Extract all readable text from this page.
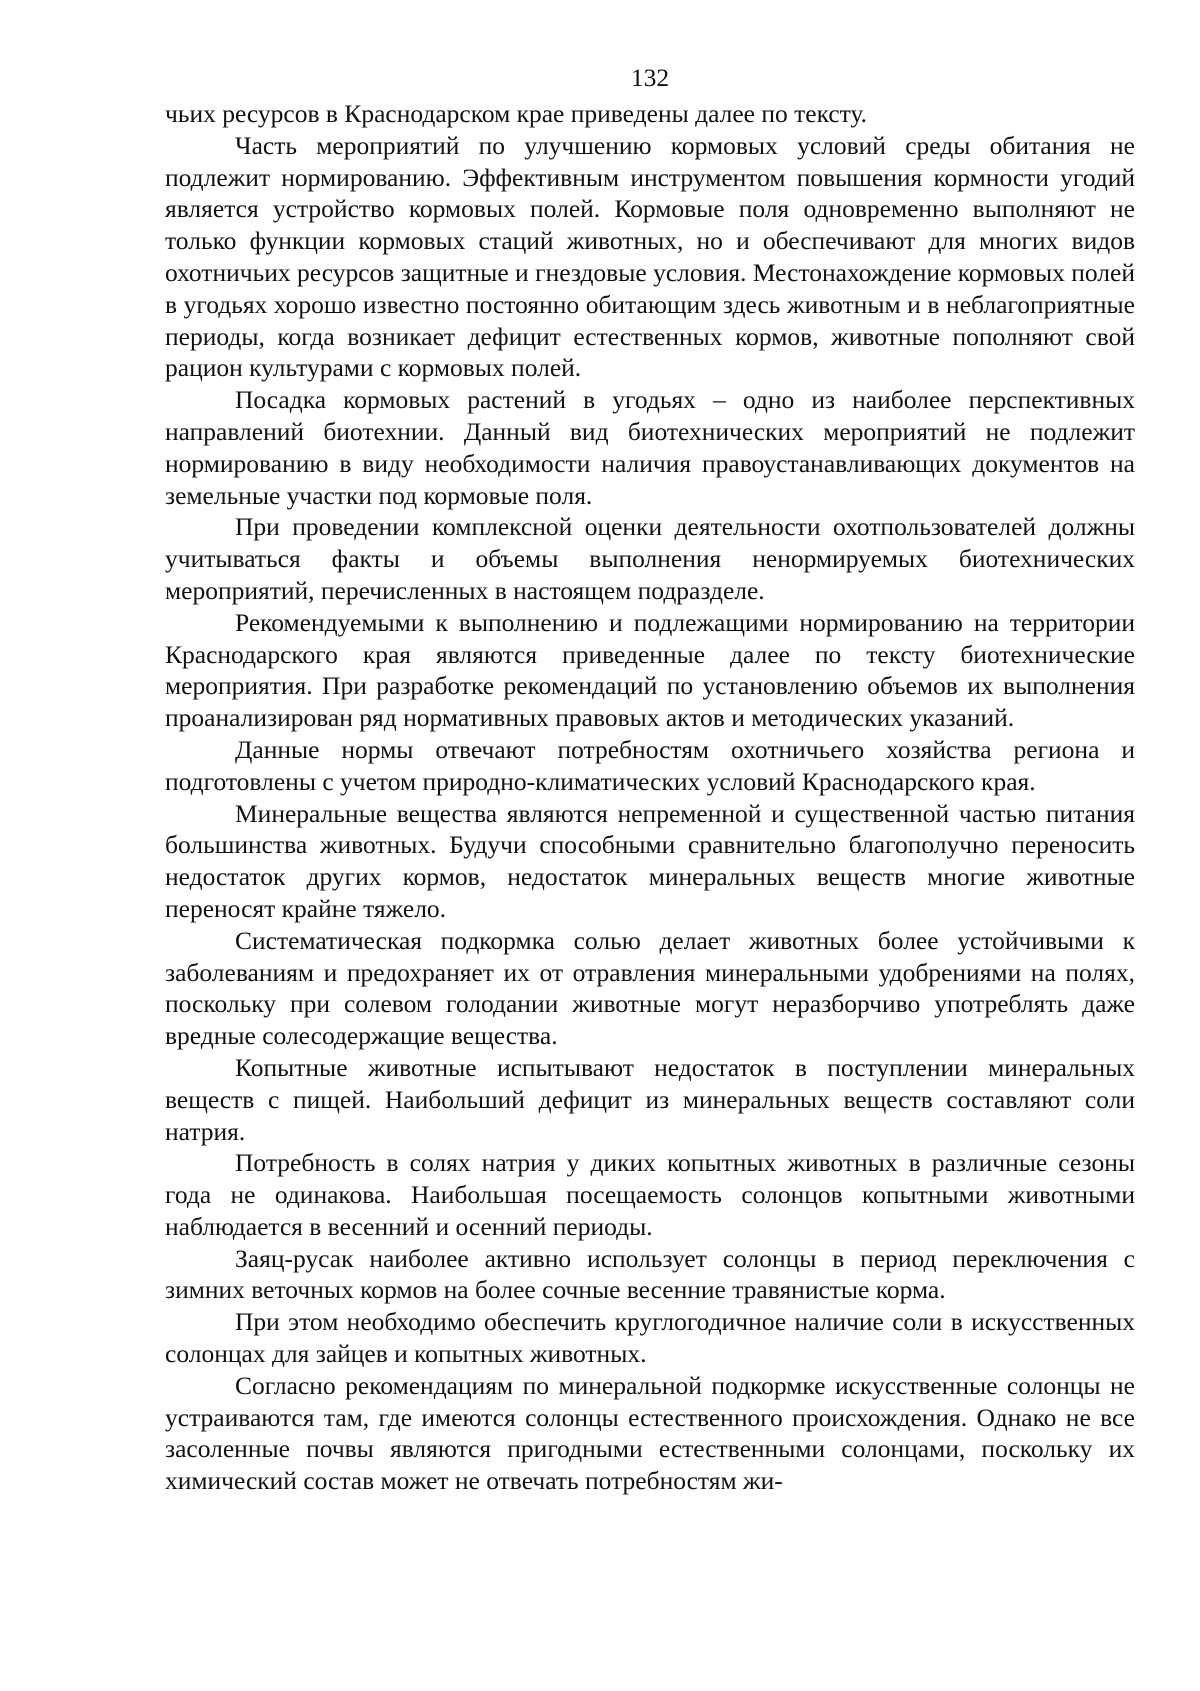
132

чьих ресурсов в Краснодарском крае приведены далее по тексту.

Часть мероприятий по улучшению кормовых условий среды обитания не подлежит нормированию. Эффективным инструментом повышения кормности угодий является устройство кормовых полей. Кормовые поля одновременно выполняют не только функции кормовых стаций животных, но и обеспечивают для многих видов охотничьих ресурсов защитные и гнездовые условия. Местонахождение кормовых полей в угодьях хорошо известно постоянно обитающим здесь животным и в неблагоприятные периоды, когда возникает дефицит естественных кормов, животные пополняют свой рацион культурами с кормовых полей.

Посадка кормовых растений в угодьях – одно из наиболее перспективных направлений биотехнии. Данный вид биотехнических мероприятий не подлежит нормированию в виду необходимости наличия правоустанавливающих документов на земельные участки под кормовые поля.

При проведении комплексной оценки деятельности охотпользователей должны учитываться факты и объемы выполнения ненормируемых биотехнических мероприятий, перечисленных в настоящем подразделе.

Рекомендуемыми к выполнению и подлежащими нормированию на территории Краснодарского края являются приведенные далее по тексту биотехнические мероприятия. При разработке рекомендаций по установлению объемов их выполнения проанализирован ряд нормативных правовых актов и методических указаний.

Данные нормы отвечают потребностям охотничьего хозяйства региона и подготовлены с учетом природно-климатических условий Краснодарского края.

Минеральные вещества являются непременной и существенной частью питания большинства животных. Будучи способными сравнительно благополучно переносить недостаток других кормов, недостаток минеральных веществ многие животные переносят крайне тяжело.

Систематическая подкормка солью делает животных более устойчивыми к заболеваниям и предохраняет их от отравления минеральными удобрениями на полях, поскольку при солевом голодании животные могут неразборчиво употреблять даже вредные солесодержащие вещества.

Копытные животные испытывают недостаток в поступлении минеральных веществ с пищей. Наибольший дефицит из минеральных веществ составляют соли натрия.

Потребность в солях натрия у диких копытных животных в различные сезоны года не одинакова. Наибольшая посещаемость солонцов копытными животными наблюдается в весенний и осенний периоды.

Заяц-русак наиболее активно использует солонцы в период переключения с зимних веточных кормов на более сочные весенние травянистые корма.

При этом необходимо обеспечить круглогодичное наличие соли в искусственных солонцах для зайцев и копытных животных.

Согласно рекомендациям по минеральной подкормке искусственные солонцы не устраиваются там, где имеются солонцы естественного происхождения. Однако не все засоленные почвы являются пригодными естественными солонцами, поскольку их химический состав может не отвечать потребностям жи-
